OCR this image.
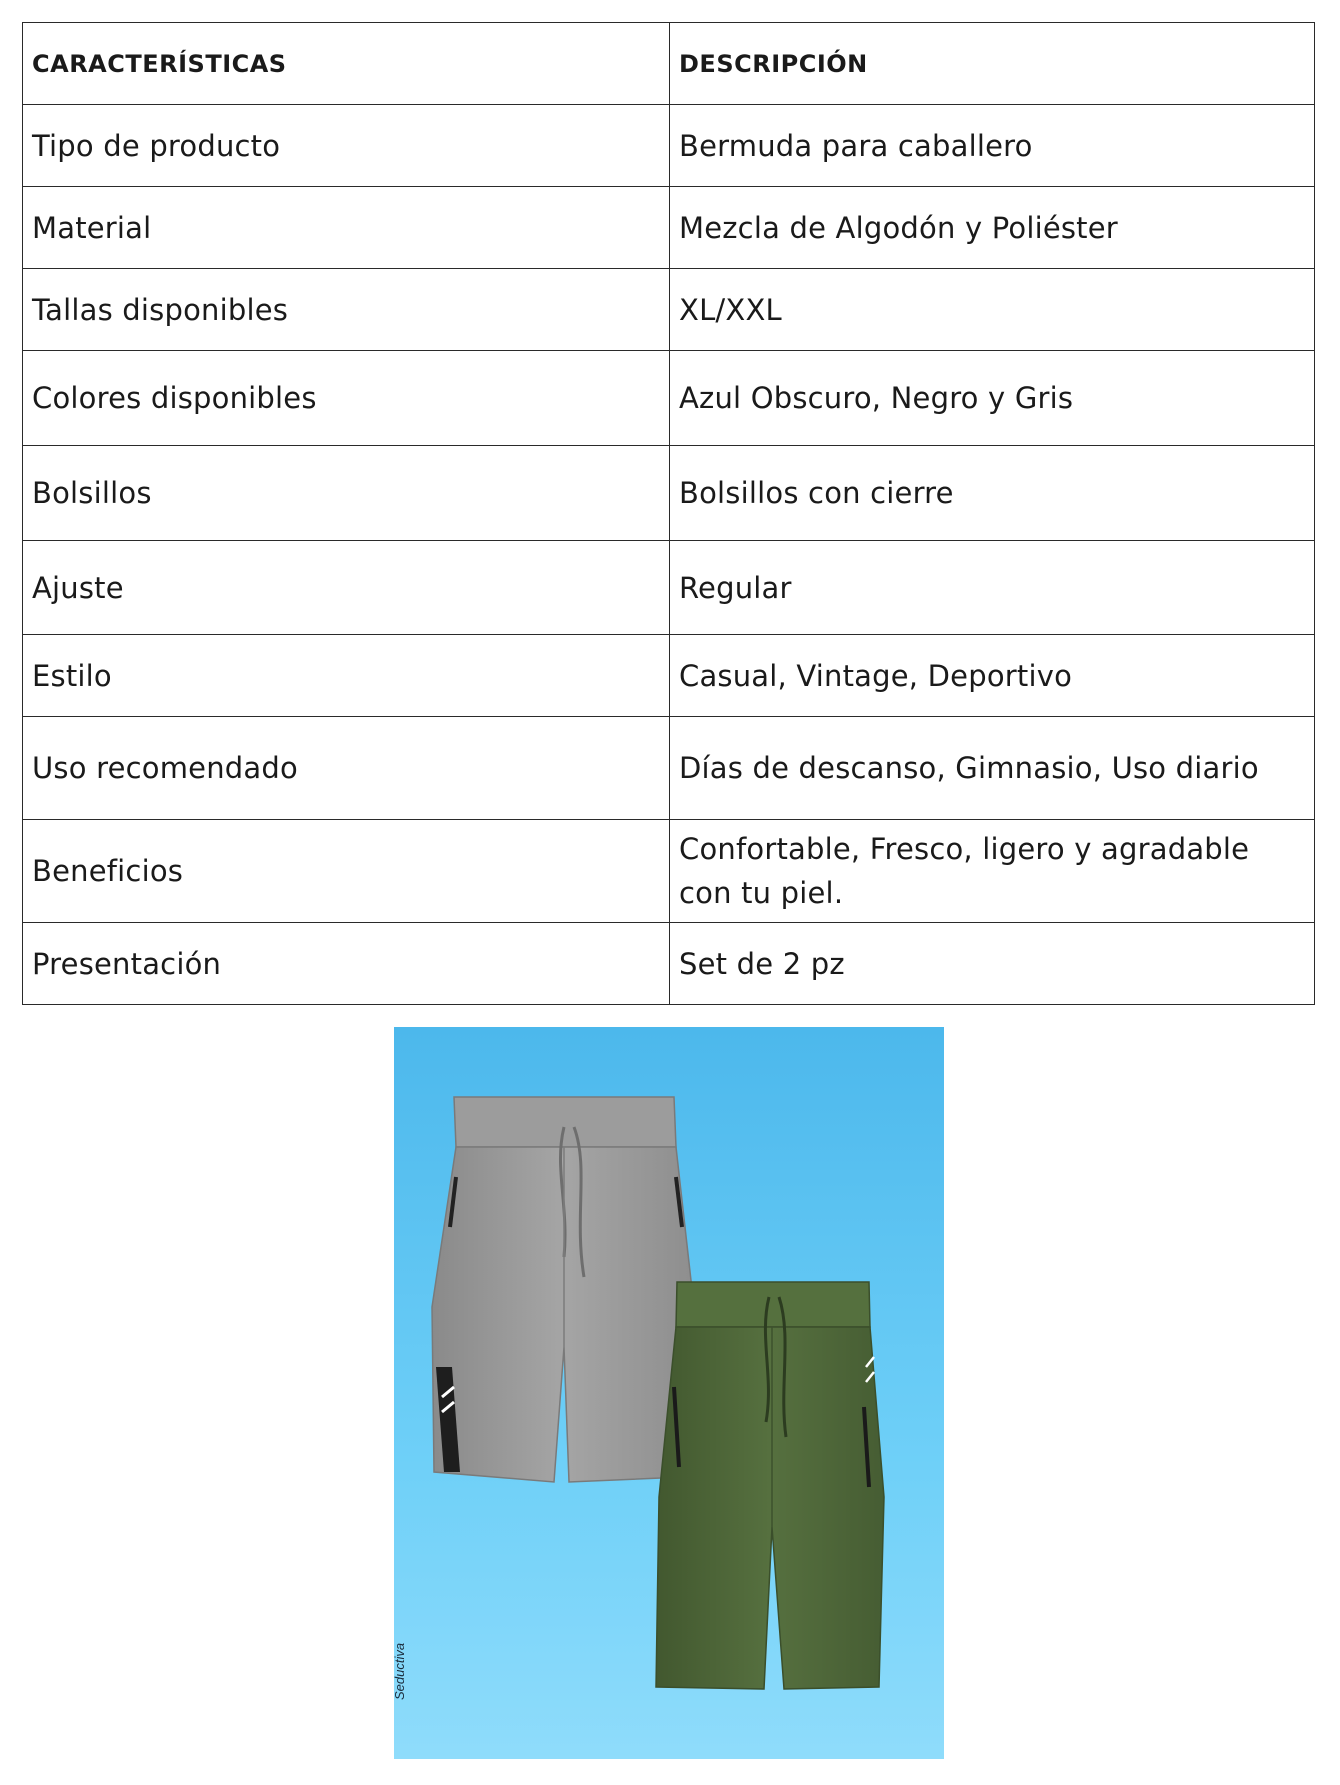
CARACTERÍSTICAS	DESCRIPCIÓN
Tipo de producto	Bermuda para caballero
Material	Mezcla de Algodón y Poliéster
Tallas disponibles	XL/XXL
Colores disponibles	Azul Obscuro, Negro y Gris
Bolsillos	Bolsillos con cierre
Ajuste	Regular
Estilo	Casual, Vintage, Deportivo
Uso recomendado	Días de descanso, Gimnasio, Uso diario
Beneficios	Confortable, Fresco, ligero y agradable con tu piel.
Presentación	Set de 2 pz
Seductiva
